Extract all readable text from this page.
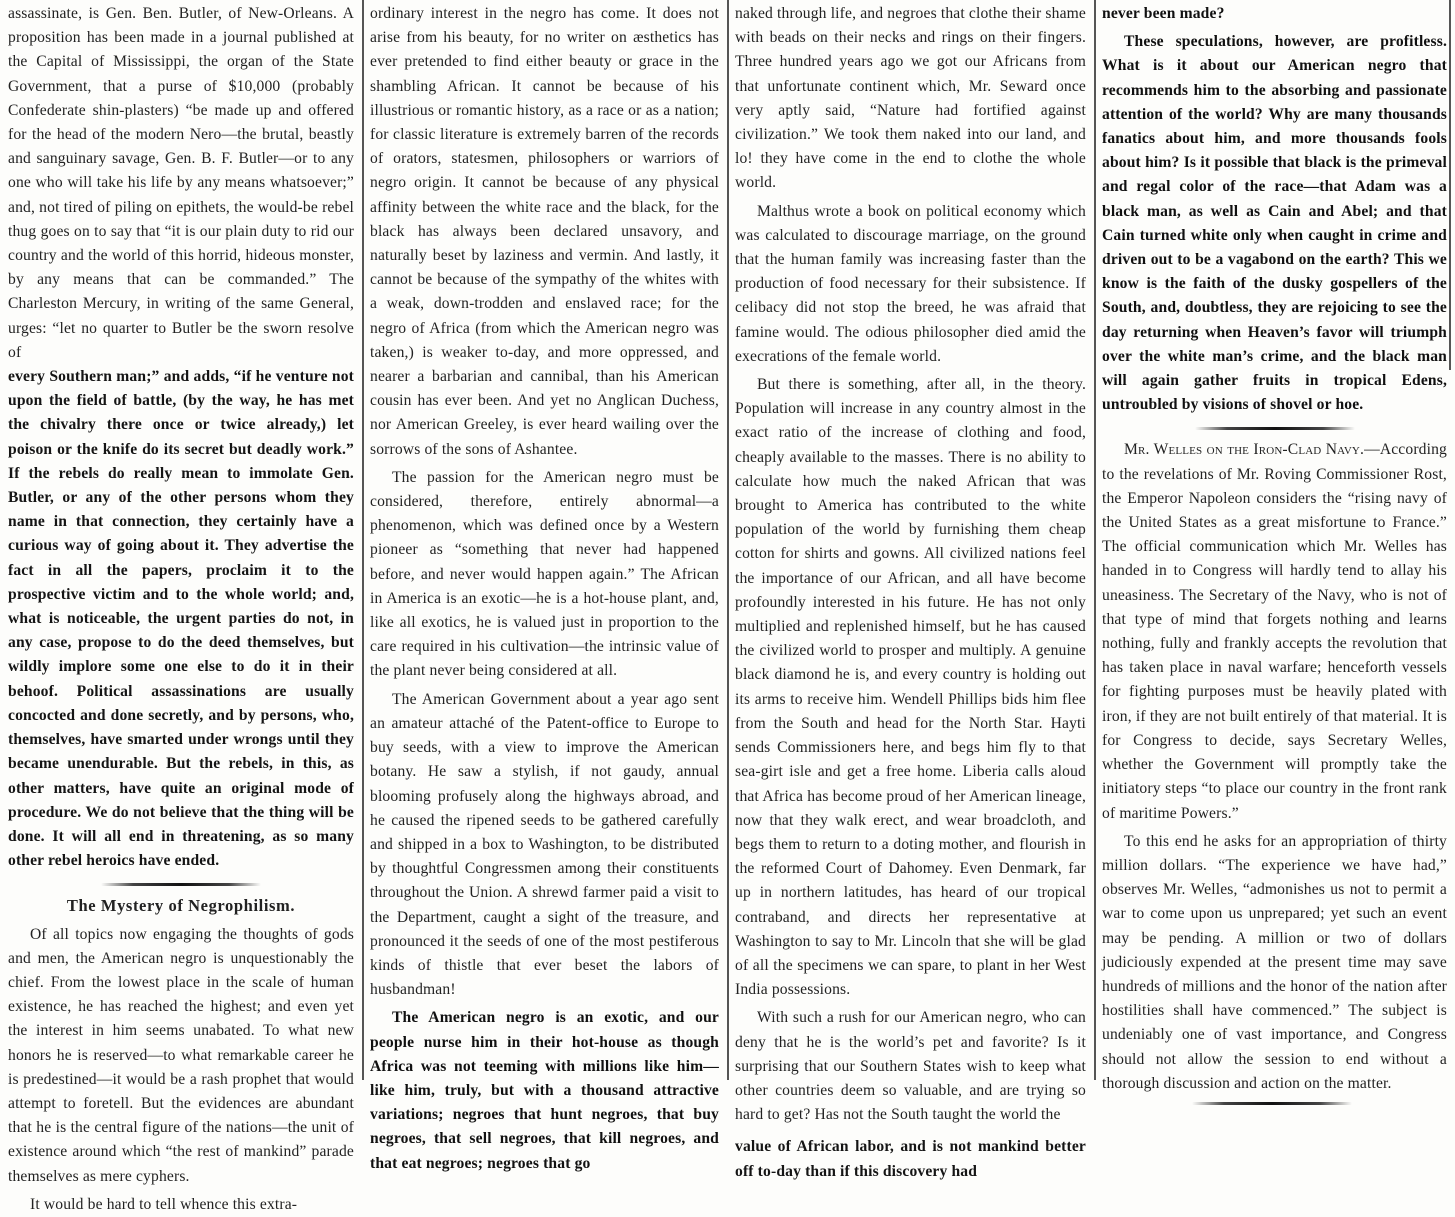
assassinate, is Gen. Ben. Butler, of New-Orleans. A proposition has been made in a journal published at the Capital of Mississippi, the organ of the State Government, that a purse of $10,000 (probably Confederate shin-plasters) “be made up and offered for the head of the modern Nero—the brutal, beastly and sanguinary savage, Gen. B. F. Butler—or to any one who will take his life by any means whatsoever;” and, not tired of piling on epithets, the would-be rebel thug goes on to say that “it is our plain duty to rid our country and the world of this horrid, hideous monster, by any means that can be commanded.” The Charleston Mercury, in writing of the same General, urges: “let no quarter to Butler be the sworn resolve of

every Southern man;” and adds, “if he venture not upon the field of battle, (by the way, he has met the chivalry there once or twice already,) let poison or the knife do its secret but deadly work.” If the rebels do really mean to immolate Gen. Butler, or any of the other persons whom they name in that connection, they certainly have a curious way of going about it. They advertise the fact in all the papers, proclaim it to the prospective victim and to the whole world; and, what is noticeable, the urgent parties do not, in any case, propose to do the deed themselves, but wildly implore some one else to do it in their behoof. Political assassinations are usually concocted and done secretly, and by persons, who, themselves, have smarted under wrongs until they became unendurable. But the rebels, in this, as other matters, have quite an original mode of procedure. We do not believe that the thing will be done. It will all end in threatening, as so many other rebel heroics have ended.

The Mystery of Negrophilism.

Of all topics now engaging the thoughts of gods and men, the American negro is unquestionably the chief. From the lowest place in the scale of human existence, he has reached the highest; and even yet the interest in him seems unabated. To what new honors he is reserved—to what remarkable career he is predestined—it would be a rash prophet that would attempt to foretell. But the evidences are abundant that he is the central figure of the nations—the unit of existence around which “the rest of mankind” parade themselves as mere cyphers.

It would be hard to tell whence this extra-

ordinary interest in the negro has come. It does not arise from his beauty, for no writer on æsthetics has ever pretended to find either beauty or grace in the shambling African. It cannot be because of his illustrious or romantic history, as a race or as a nation; for classic literature is extremely barren of the records of orators, statesmen, philosophers or warriors of negro origin. It cannot be because of any physical affinity between the white race and the black, for the black has always been declared unsavory, and naturally beset by laziness and vermin. And lastly, it cannot be because of the sympathy of the whites with a weak, down-trodden and enslaved race; for the negro of Africa (from which the American negro was taken,) is weaker to-day, and more oppressed, and nearer a barbarian and cannibal, than his American cousin has ever been. And yet no Anglican Duchess, nor American Greeley, is ever heard wailing over the sorrows of the sons of Ashantee.

The passion for the American negro must be considered, therefore, entirely abnormal—a phenomenon, which was defined once by a Western pioneer as “something that never had happened before, and never would happen again.” The African in America is an exotic—he is a hot-house plant, and, like all exotics, he is valued just in proportion to the care required in his cultivation—the intrinsic value of the plant never being considered at all.

The American Government about a year ago sent an amateur attaché of the Patent-office to Europe to buy seeds, with a view to improve the American botany. He saw a stylish, if not gaudy, annual blooming profusely along the highways abroad, and he caused the ripened seeds to be gathered carefully and shipped in a box to Washington, to be distributed by thoughtful Congressmen among their constituents throughout the Union. A shrewd farmer paid a visit to the Department, caught a sight of the treasure, and pronounced it the seeds of one of the most pestiferous kinds of thistle that ever beset the labors of husbandman!

The American negro is an exotic, and our people nurse him in their hot-house as though Africa was not teeming with millions like him—like him, truly, but with a thousand attractive variations; negroes that hunt negroes, that buy negroes, that sell negroes, that kill negroes, and that eat negroes; negroes that go

naked through life, and negroes that clothe their shame with beads on their necks and rings on their fingers. Three hundred years ago we got our Africans from that unfortunate continent which, Mr. Seward once very aptly said, “Nature had fortified against civilization.” We took them naked into our land, and lo! they have come in the end to clothe the whole world.

Malthus wrote a book on political economy which was calculated to discourage marriage, on the ground that the human family was increasing faster than the production of food necessary for their subsistence. If celibacy did not stop the breed, he was afraid that famine would. The odious philosopher died amid the execrations of the female world.

But there is something, after all, in the theory. Population will increase in any country almost in the exact ratio of the increase of clothing and food, cheaply available to the masses. There is no ability to calculate how much the naked African that was brought to America has contributed to the white population of the world by furnishing them cheap cotton for shirts and gowns. All civilized nations feel the importance of our African, and all have become profoundly interested in his future. He has not only multiplied and replenished himself, but he has caused the civilized world to prosper and multiply. A genuine black diamond he is, and every country is holding out its arms to receive him. Wendell Phillips bids him flee from the South and head for the North Star. Hayti sends Commissioners here, and begs him fly to that sea-girt isle and get a free home. Liberia calls aloud that Africa has become proud of her American lineage, now that they walk erect, and wear broadcloth, and begs them to return to a doting mother, and flourish in the reformed Court of Dahomey. Even Denmark, far up in northern latitudes, has heard of our tropical contraband, and directs her representative at Washington to say to Mr. Lincoln that she will be glad of all the specimens we can spare, to plant in her West India possessions.

With such a rush for our American negro, who can deny that he is the world’s pet and favorite? Is it surprising that our Southern States wish to keep what other countries deem so valuable, and are trying so hard to get? Has not the South taught the world the

value of African labor, and is not mankind better off to-day than if this discovery had

never been made?

These speculations, however, are profitless. What is it about our American negro that recommends him to the absorbing and passionate attention of the world? Why are many thousands fanatics about him, and more thousands fools about him? Is it possible that black is the primeval and regal color of the race—that Adam was a black man, as well as Cain and Abel; and that Cain turned white only when caught in crime and driven out to be a vagabond on the earth? This we know is the faith of the dusky gospellers of the South, and, doubtless, they are rejoicing to see the day returning when Heaven’s favor will triumph over the white man’s crime, and the black man will again gather fruits in tropical Edens, untroubled by visions of shovel or hoe.

Mr. Welles on the Iron-Clad Navy.—According to the revelations of Mr. Roving Commissioner Rost, the Emperor Napoleon considers the “rising navy of the United States as a great misfortune to France.” The official communication which Mr. Welles has handed in to Congress will hardly tend to allay his uneasiness. The Secretary of the Navy, who is not of that type of mind that forgets nothing and learns nothing, fully and frankly accepts the revolution that has taken place in naval warfare; henceforth vessels for fighting purposes must be heavily plated with iron, if they are not built entirely of that material. It is for Congress to decide, says Secretary Welles, whether the Government will promptly take the initiatory steps “to place our country in the front rank of maritime Powers.”

To this end he asks for an appropriation of thirty million dollars. “The experience we have had,” observes Mr. Welles, “admonishes us not to permit a war to come upon us unprepared; yet such an event may be pending. A million or two of dollars judiciously expended at the present time may save hundreds of millions and the honor of the nation after hostilities shall have commenced.” The subject is undeniably one of vast importance, and Congress should not allow the session to end without a thorough discussion and action on the matter.
